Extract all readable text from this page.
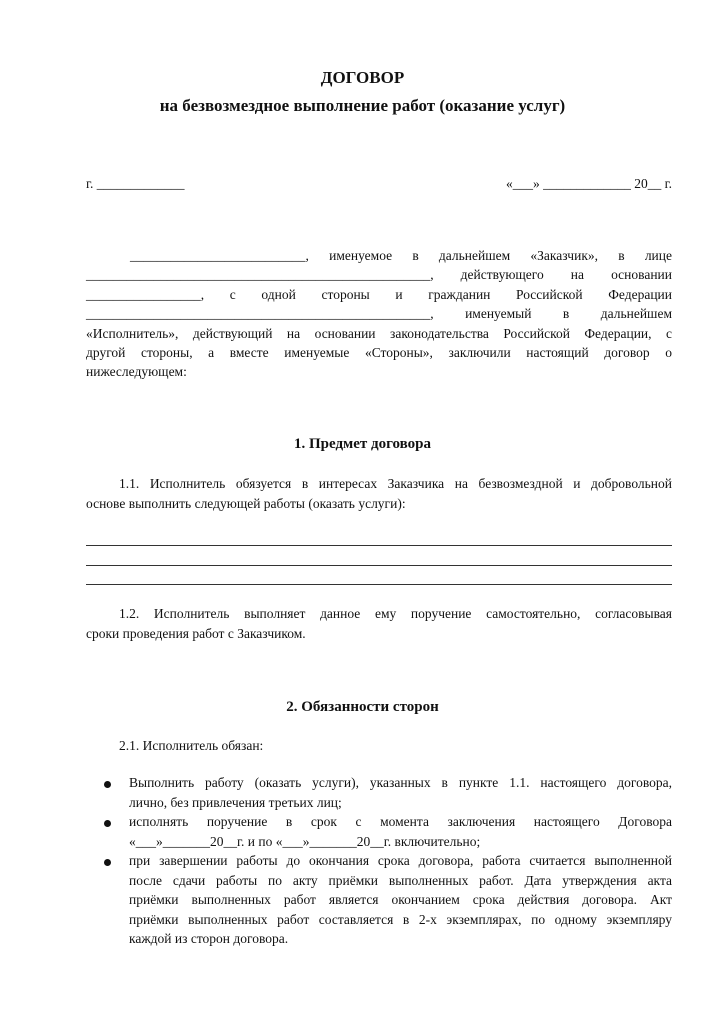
ДОГОВОР
на безвозмездное выполнение работ (оказание услуг)
г. _____________	«___» _____________ 20__ г.
__________________________, именуемое в дальнейшем «Заказчик», в лице
___________________________________________________, действующего на основании
_________________, с одной стороны и гражданин Российской Федерации
___________________________________________________, именуемый в дальнейшем
«Исполнитель», действующий на основании законодательства Российской Федерации, с
другой стороны, а вместе именуемые «Стороны», заключили настоящий договор о
нижеследующем:
1. Предмет договора
1.1. Исполнитель обязуется в интересах Заказчика на безвозмездной и добровольной
основе выполнить следующей работы (оказать услуги):
1.2. Исполнитель выполняет данное ему поручение самостоятельно, согласовывая
сроки проведения работ с Заказчиком.
2. Обязанности сторон
2.1. Исполнитель обязан:
Выполнить работу (оказать услуги), указанных в пункте 1.1. настоящего договора,
лично, без привлечения третьих лиц;
исполнять поручение в срок с момента заключения настоящего Договора
«___»_______20__г. и по «___»_______20__г. включительно;
при завершении работы до окончания срока договора, работа считается выполненной
после сдачи работы по акту приёмки выполненных работ. Дата утверждения акта
приёмки выполненных работ является окончанием срока действия договора. Акт
приёмки выполненных работ составляется в 2-х экземплярах, по одному экземпляру
каждой из сторон договора.
